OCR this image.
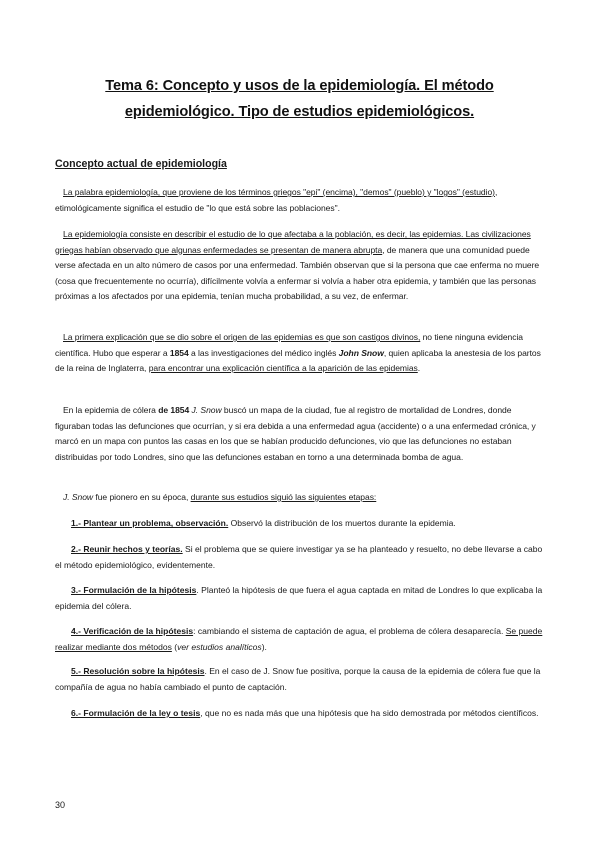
Tema 6: Concepto y usos de la epidemiología. El método
epidemiológico. Tipo de estudios epidemiológicos.
Concepto actual de epidemiología
La palabra epidemiología, que proviene de los términos griegos "epi" (encima), "demos" (pueblo) y "logos" (estudio), etimológicamente significa el estudio de "lo que está sobre las poblaciones".
La epidemiología consiste en describir el estudio de lo que afectaba a la población, es decir, las epidemias. Las civilizaciones griegas habían observado que algunas enfermedades se presentan de manera abrupta, de manera que una comunidad puede verse afectada en un alto número de casos por una enfermedad. También observan que si la persona que cae enferma no muere (cosa que frecuentemente no ocurría), difícilmente volvía a enfermar si volvía a haber otra epidemia, y también que las personas próximas a los afectados por una epidemia, tenían mucha probabilidad, a su vez, de enfermar.
La primera explicación que se dio sobre el origen de las epidemias es que son castigos divinos, no tiene ninguna evidencia científica. Hubo que esperar a 1854 a las investigaciones del médico inglés John Snow, quien aplicaba la anestesia de los partos de la reina de Inglaterra, para encontrar una explicación científica a la aparición de las epidemias.
En la epidemia de cólera de 1854 J. Snow buscó un mapa de la ciudad, fue al registro de mortalidad de Londres, donde figuraban todas las defunciones que ocurrían, y si era debida a una enfermedad agua (accidente) o a una enfermedad crónica, y marcó en un mapa con puntos las casas en los que se habían producido defunciones, vio que las defunciones no estaban distribuidas por todo Londres, sino que las defunciones estaban en torno a una determinada bomba de agua.
J. Snow fue pionero en su época, durante sus estudios siguió las siguientes etapas:
1.- Plantear un problema, observación. Observó la distribución de los muertos durante la epidemia.
2.- Reunir hechos y teorías. Si el problema que se quiere investigar ya se ha planteado y resuelto, no debe llevarse a cabo el método epidemiológico, evidentemente.
3.- Formulación de la hipótesis. Planteó la hipótesis de que fuera el agua captada en mitad de Londres lo que explicaba la epidemia del cólera.
4.- Verificación de la hipótesis: cambiando el sistema de captación de agua, el problema de cólera desaparecía. Se puede realizar mediante dos métodos (ver estudios analíticos).
5.- Resolución sobre la hipótesis. En el caso de J. Snow fue positiva, porque la causa de la epidemia de cólera fue que la compañía de agua no había cambiado el punto de captación.
6.- Formulación de la ley o tesis, que no es nada más que una hipótesis que ha sido demostrada por métodos científicos.
30
